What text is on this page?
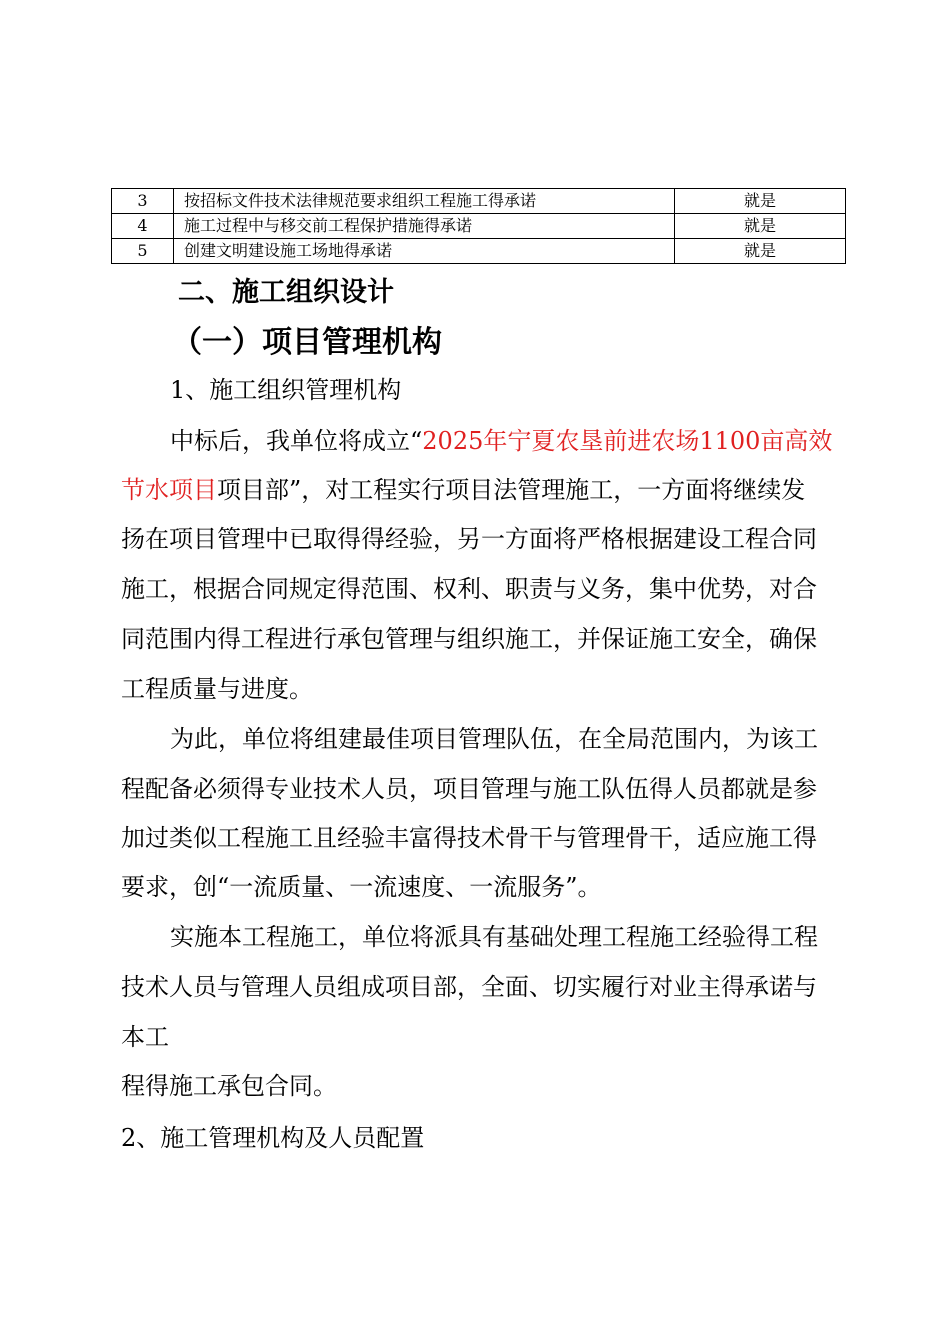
3	按招标文件技术法律规范要求组织工程施工得承诺	就是
4	施工过程中与移交前工程保护措施得承诺	就是
5	创建文明建设施工场地得承诺	就是
二、施工组织设计
（一）项目管理机构

1、施工组织管理机构

中标后，我单位将成立“2025年宁夏农垦前进农场1100亩高效

节水项目项目部”，对工程实行项目法管理施工，一方面将继续发

扬在项目管理中已取得得经验，另一方面将严格根据建设工程合同

施工，根据合同规定得范围、权利、职责与义务，集中优势，对合

同范围内得工程进行承包管理与组织施工，并保证施工安全，确保

工程质量与进度。

为此，单位将组建最佳项目管理队伍，在全局范围内，为该工

程配备必须得专业技术人员，项目管理与施工队伍得人员都就是参

加过类似工程施工且经验丰富得技术骨干与管理骨干，适应施工得

要求，创“一流质量、一流速度、一流服务”。

实施本工程施工，单位将派具有基础处理工程施工经验得工程

技术人员与管理人员组成项目部，全面、切实履行对业主得承诺与

本工

程得施工承包合同。

2、施工管理机构及人员配置
